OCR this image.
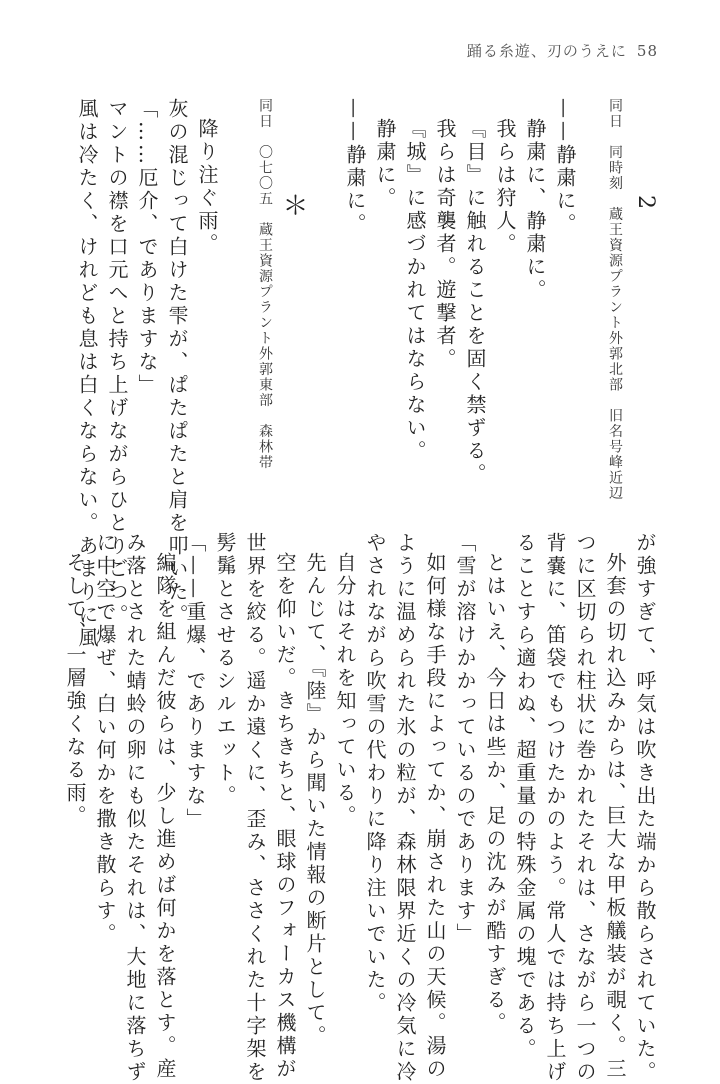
踊る糸遊、刃のうえに 58
同日　同時刻　蔵王資源プラント外郭北部　旧名号峰近辺 2
——静粛に。
静粛に、静粛に。
我らは狩人。
『目』に触れることを固く禁ずる。
我らは奇襲者。遊撃者。
『城』に感づかれてはならない。
静粛に。
——静粛に。
＊
同日　〇七〇五　蔵王資源プラント外郭東部　森林帯
降り注ぐ雨。
灰の混じって白けた雫が、ぱたぱたと肩を叩いた。
「……厄介、でありますな」
マントの襟を口元へと持ち上げながらひとりごつ。
風は冷たく、けれども息は白くならない。あまりに風
が強すぎて、呼気は吹き出た端から散らされていた。
外套の切れ込みからは、巨大な甲板艤装が覗く。三
つに区切られ柱状に巻かれたそれは、さながら一つの
背嚢に、笛袋でもつけたかのよう。常人では持ち上げ
ることすら適わぬ、超重量の特殊金属の塊である。
とはいえ、今日は些か、足の沈みが酷すぎる。
「雪が溶けかかっているのであります」
如何様な手段によってか、崩された山の天候。湯の
ように温められた氷の粒が、森林限界近くの冷気に冷
やされながら吹雪の代わりに降り注いでいた。
自分はそれを知っている。
先んじて、『陸』から聞いた情報の断片として。
空を仰いだ。きちきちと、眼球のフォーカス機構が
世界を絞る。遥か遠くに、歪み、ささくれた十字架を
髣髴とさせるシルエット。
「——重爆、でありますな」
編隊を組んだ彼らは、少し進めば何かを落とす。産
み落とされた蜻蛉の卵にも似たそれは、大地に落ちず
に中空で爆ぜ、白い何かを撒き散らす。
そして、一層強くなる雨。
